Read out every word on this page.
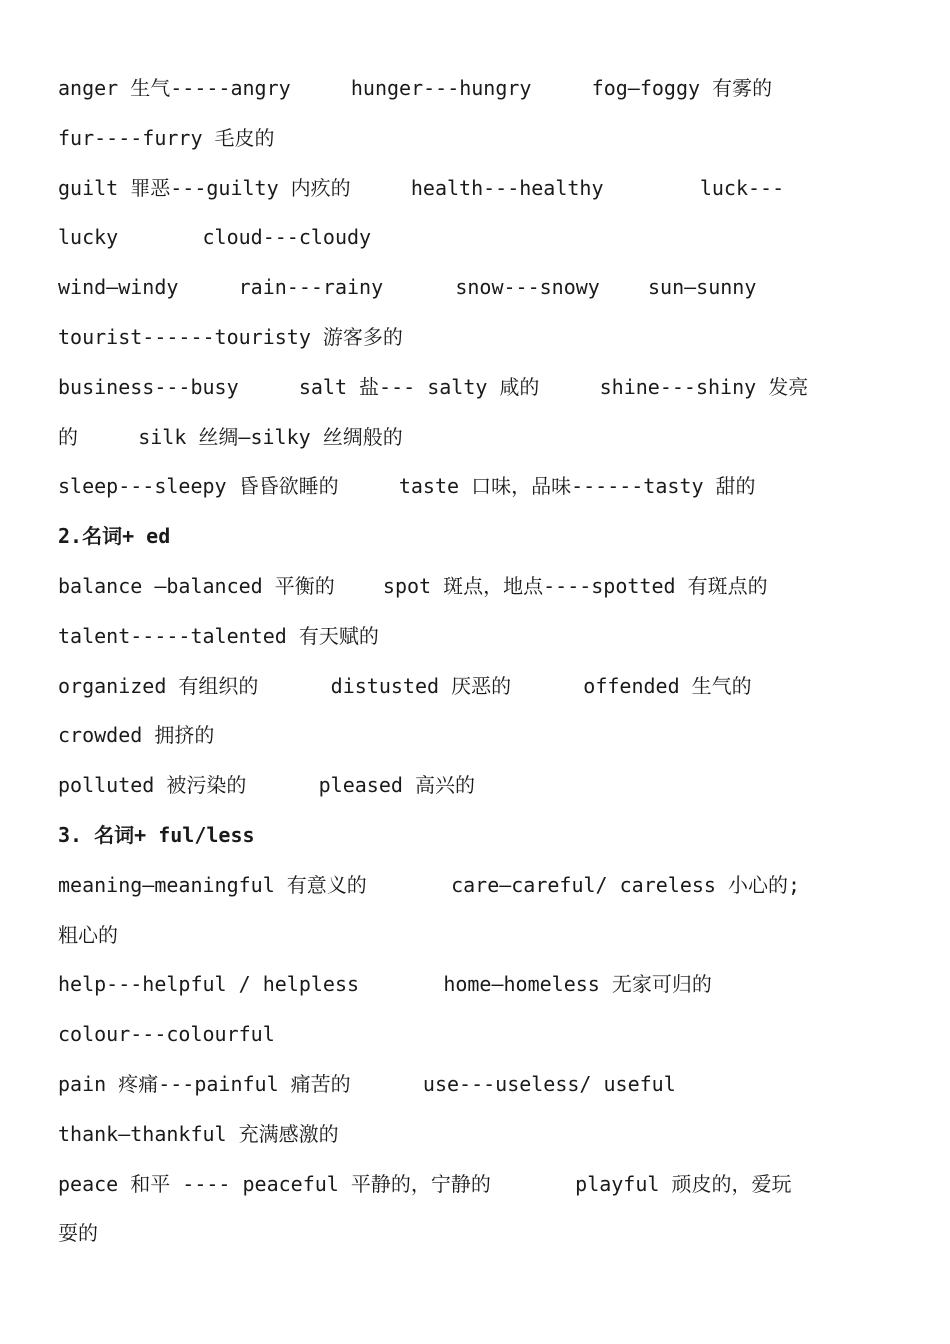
anger 生气-----angry     hunger---hungry     fog—foggy 有雾的
fur----furry 毛皮的
guilt 罪恶---guilty 内疚的     health---healthy        luck---
lucky       cloud---cloudy
wind—windy     rain---rainy      snow---snowy    sun—sunny
tourist------touristy 游客多的
business---busy     salt 盐--- salty 咸的     shine---shiny 发亮
的     silk 丝绸—silky 丝绸般的
sleep---sleepy 昏昏欲睡的     taste 口味，品味------tasty 甜的
2.名词+ ed
balance –balanced 平衡的    spot 斑点，地点----spotted 有斑点的
talent-----talented 有天赋的
organized 有组织的      distusted 厌恶的      offended 生气的
crowded 拥挤的
polluted 被污染的      pleased 高兴的
3. 名词+ ful/less
meaning—meaningful 有意义的       care—careful/ careless 小心的;
粗心的
help---helpful / helpless       home—homeless 无家可归的
colour---colourful
pain 疼痛---painful 痛苦的      use---useless/ useful
thank—thankful 充满感激的
peace 和平 ---- peaceful 平静的，宁静的       playful 顽皮的，爱玩
耍的
